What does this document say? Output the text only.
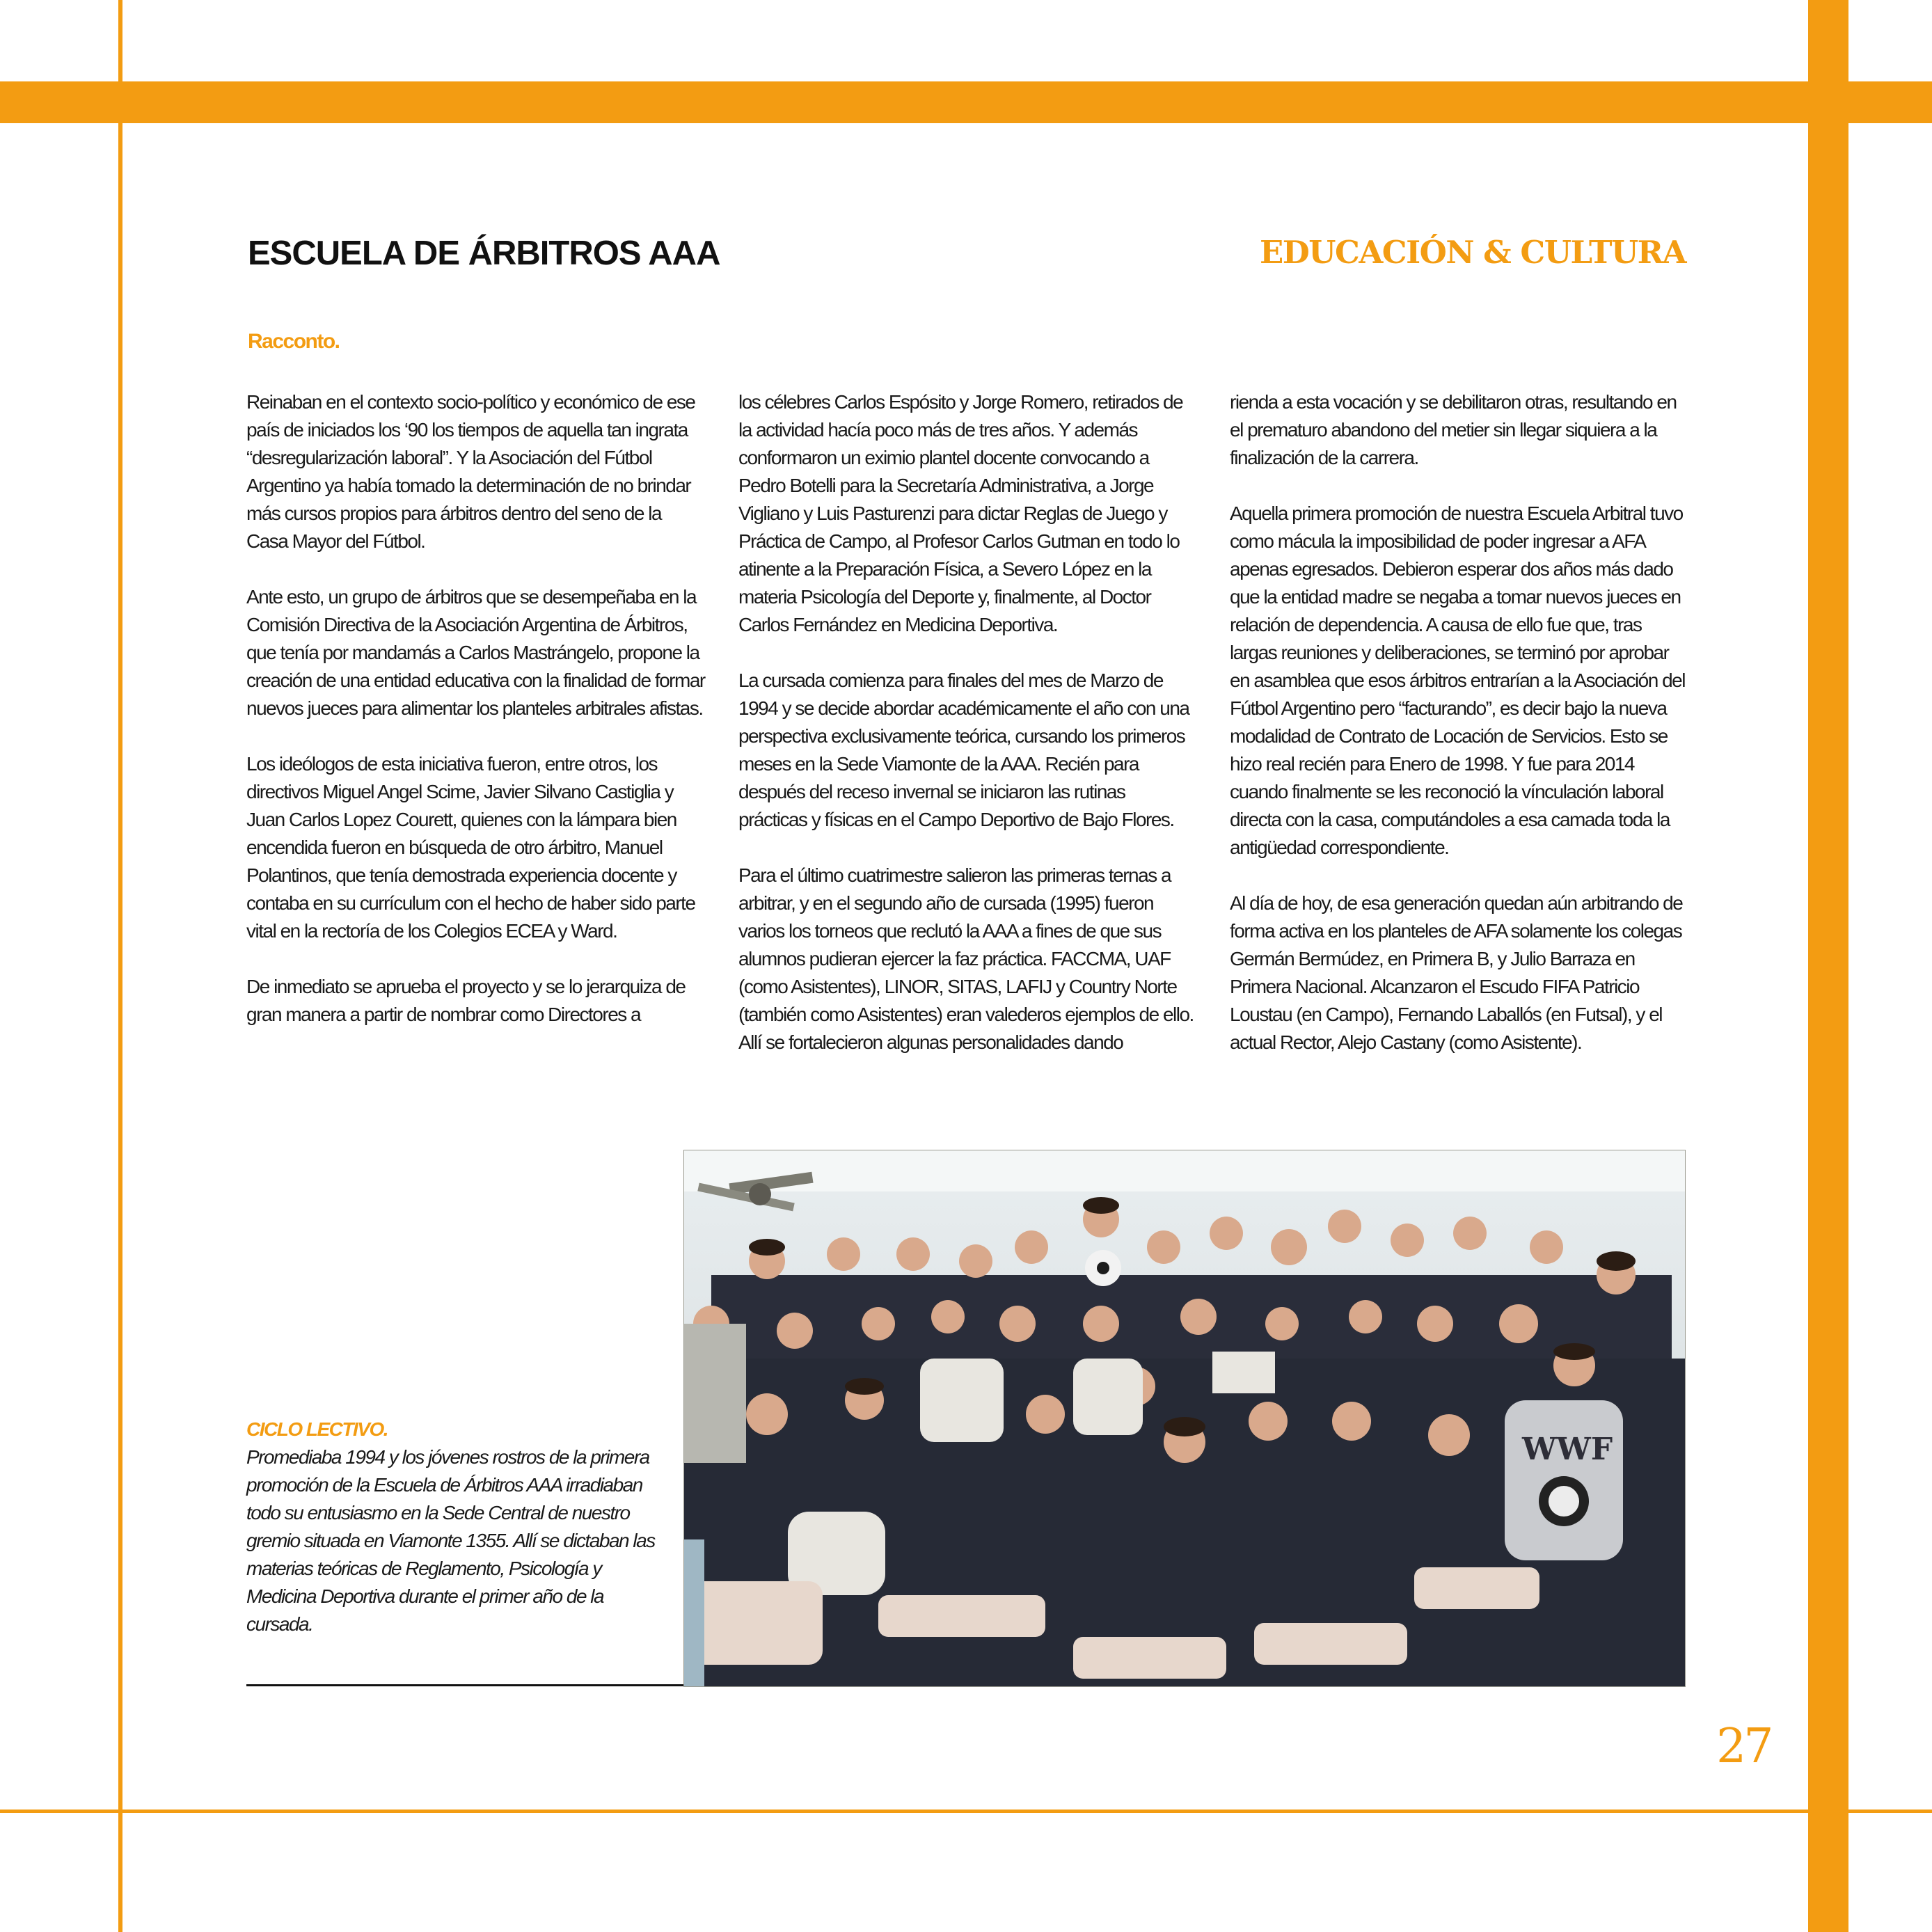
ESCUELA DE ÁRBITROS AAA	EDUCACIÓN & CULTURA
Racconto.

Reinaban en el contexto socio-político y económico de ese país de iniciados los ‘90 los tiempos de aquella tan ingrata “desregularización laboral”. Y la Asociación del Fútbol Argentino ya había tomado la determinación de no brindar más cursos propios para árbitros dentro del seno de la Casa Mayor del Fútbol.

Ante esto, un grupo de árbitros que se desempeñaba en la Comisión Directiva de la Asociación Argentina de Árbitros, que tenía por mandamás a Carlos Mastrángelo, propone la creación de una entidad educativa con la finalidad de formar nuevos jueces para alimentar los planteles arbitrales afistas.

Los ideólogos de esta iniciativa fueron, entre otros, los directivos Miguel Angel Scime, Javier Silvano Castiglia y Juan Carlos Lopez Courett, quienes con la lámpara bien encendida fueron en búsqueda de otro árbitro, Manuel Polantinos, que tenía demostrada experiencia docente y contaba en su currículum con el hecho de haber sido parte vital en la rectoría de los Colegios ECEA y Ward.

De inmediato se aprueba el proyecto y se lo jerarquiza de gran manera a partir de nombrar como Directores a

los célebres Carlos Espósito y Jorge Romero, retirados de la actividad hacía poco más de tres años. Y además conformaron un eximio plantel docente convocando a Pedro Botelli para la Secretaría Administrativa, a Jorge Vigliano y Luis Pasturenzi para dictar Reglas de Juego y Práctica de Campo, al Profesor Carlos Gutman en todo lo atinente a la Preparación Física, a Severo López en la materia Psicología del Deporte y, finalmente, al Doctor Carlos Fernández en Medicina Deportiva.

La cursada comienza para finales del mes de Marzo de 1994 y se decide abordar académicamente el año con una perspectiva exclusivamente teórica, cursando los primeros meses en la Sede Viamonte de la AAA. Recién para después del receso invernal se iniciaron las rutinas prácticas y físicas en el Campo Deportivo de Bajo Flores.

Para el último cuatrimestre salieron las primeras ternas a arbitrar, y en el segundo año de cursada (1995) fueron varios los torneos que reclutó la AAA a fines de que sus alumnos pudieran ejercer la faz práctica. FACCMA, UAF (como Asistentes), LINOR, SITAS, LAFIJ y Country Norte (también como Asistentes) eran valederos ejemplos de ello. Allí se fortalecieron algunas personalidades dando

rienda a esta vocación y se debilitaron otras, resultando en el prematuro abandono del metier sin llegar siquiera a la finalización de la carrera.

Aquella primera promoción de nuestra Escuela Arbitral tuvo como mácula la imposibilidad de poder ingresar a AFA apenas egresados. Debieron esperar dos años más dado que la entidad madre se negaba a tomar nuevos jueces en relación de dependencia. A causa de ello fue que, tras largas reuniones y deliberaciones, se terminó por aprobar en asamblea que esos árbitros entrarían a la Asociación del Fútbol Argentino pero “facturando”, es decir bajo la nueva modalidad de Contrato de Locación de Servicios. Esto se hizo real recién para Enero de 1998. Y fue para 2014 cuando finalmente se les reconoció la vínculación laboral directa con la casa, computándoles a esa camada toda la antigüedad correspondiente.

Al día de hoy, de esa generación quedan aún arbitrando de forma activa en los planteles de AFA solamente los colegas Germán Bermúdez, en Primera B, y Julio Barraza en Primera Nacional. Alcanzaron el Escudo FIFA Patricio Loustau (en Campo), Fernando Laballós (en Futsal), y el actual Rector, Alejo Castany (como Asistente).

CICLO LECTIVO.
Promediaba 1994 y los jóvenes rostros de la primera promoción de la Escuela de Árbitros AAA irradiaban todo su entusiasmo en la Sede Central de nuestro gremio situada en Viamonte 1355. Allí se dictaban las materias teóricas de Reglamento, Psicología y Medicina Deportiva durante el primer año de la cursada.
WWF
27
